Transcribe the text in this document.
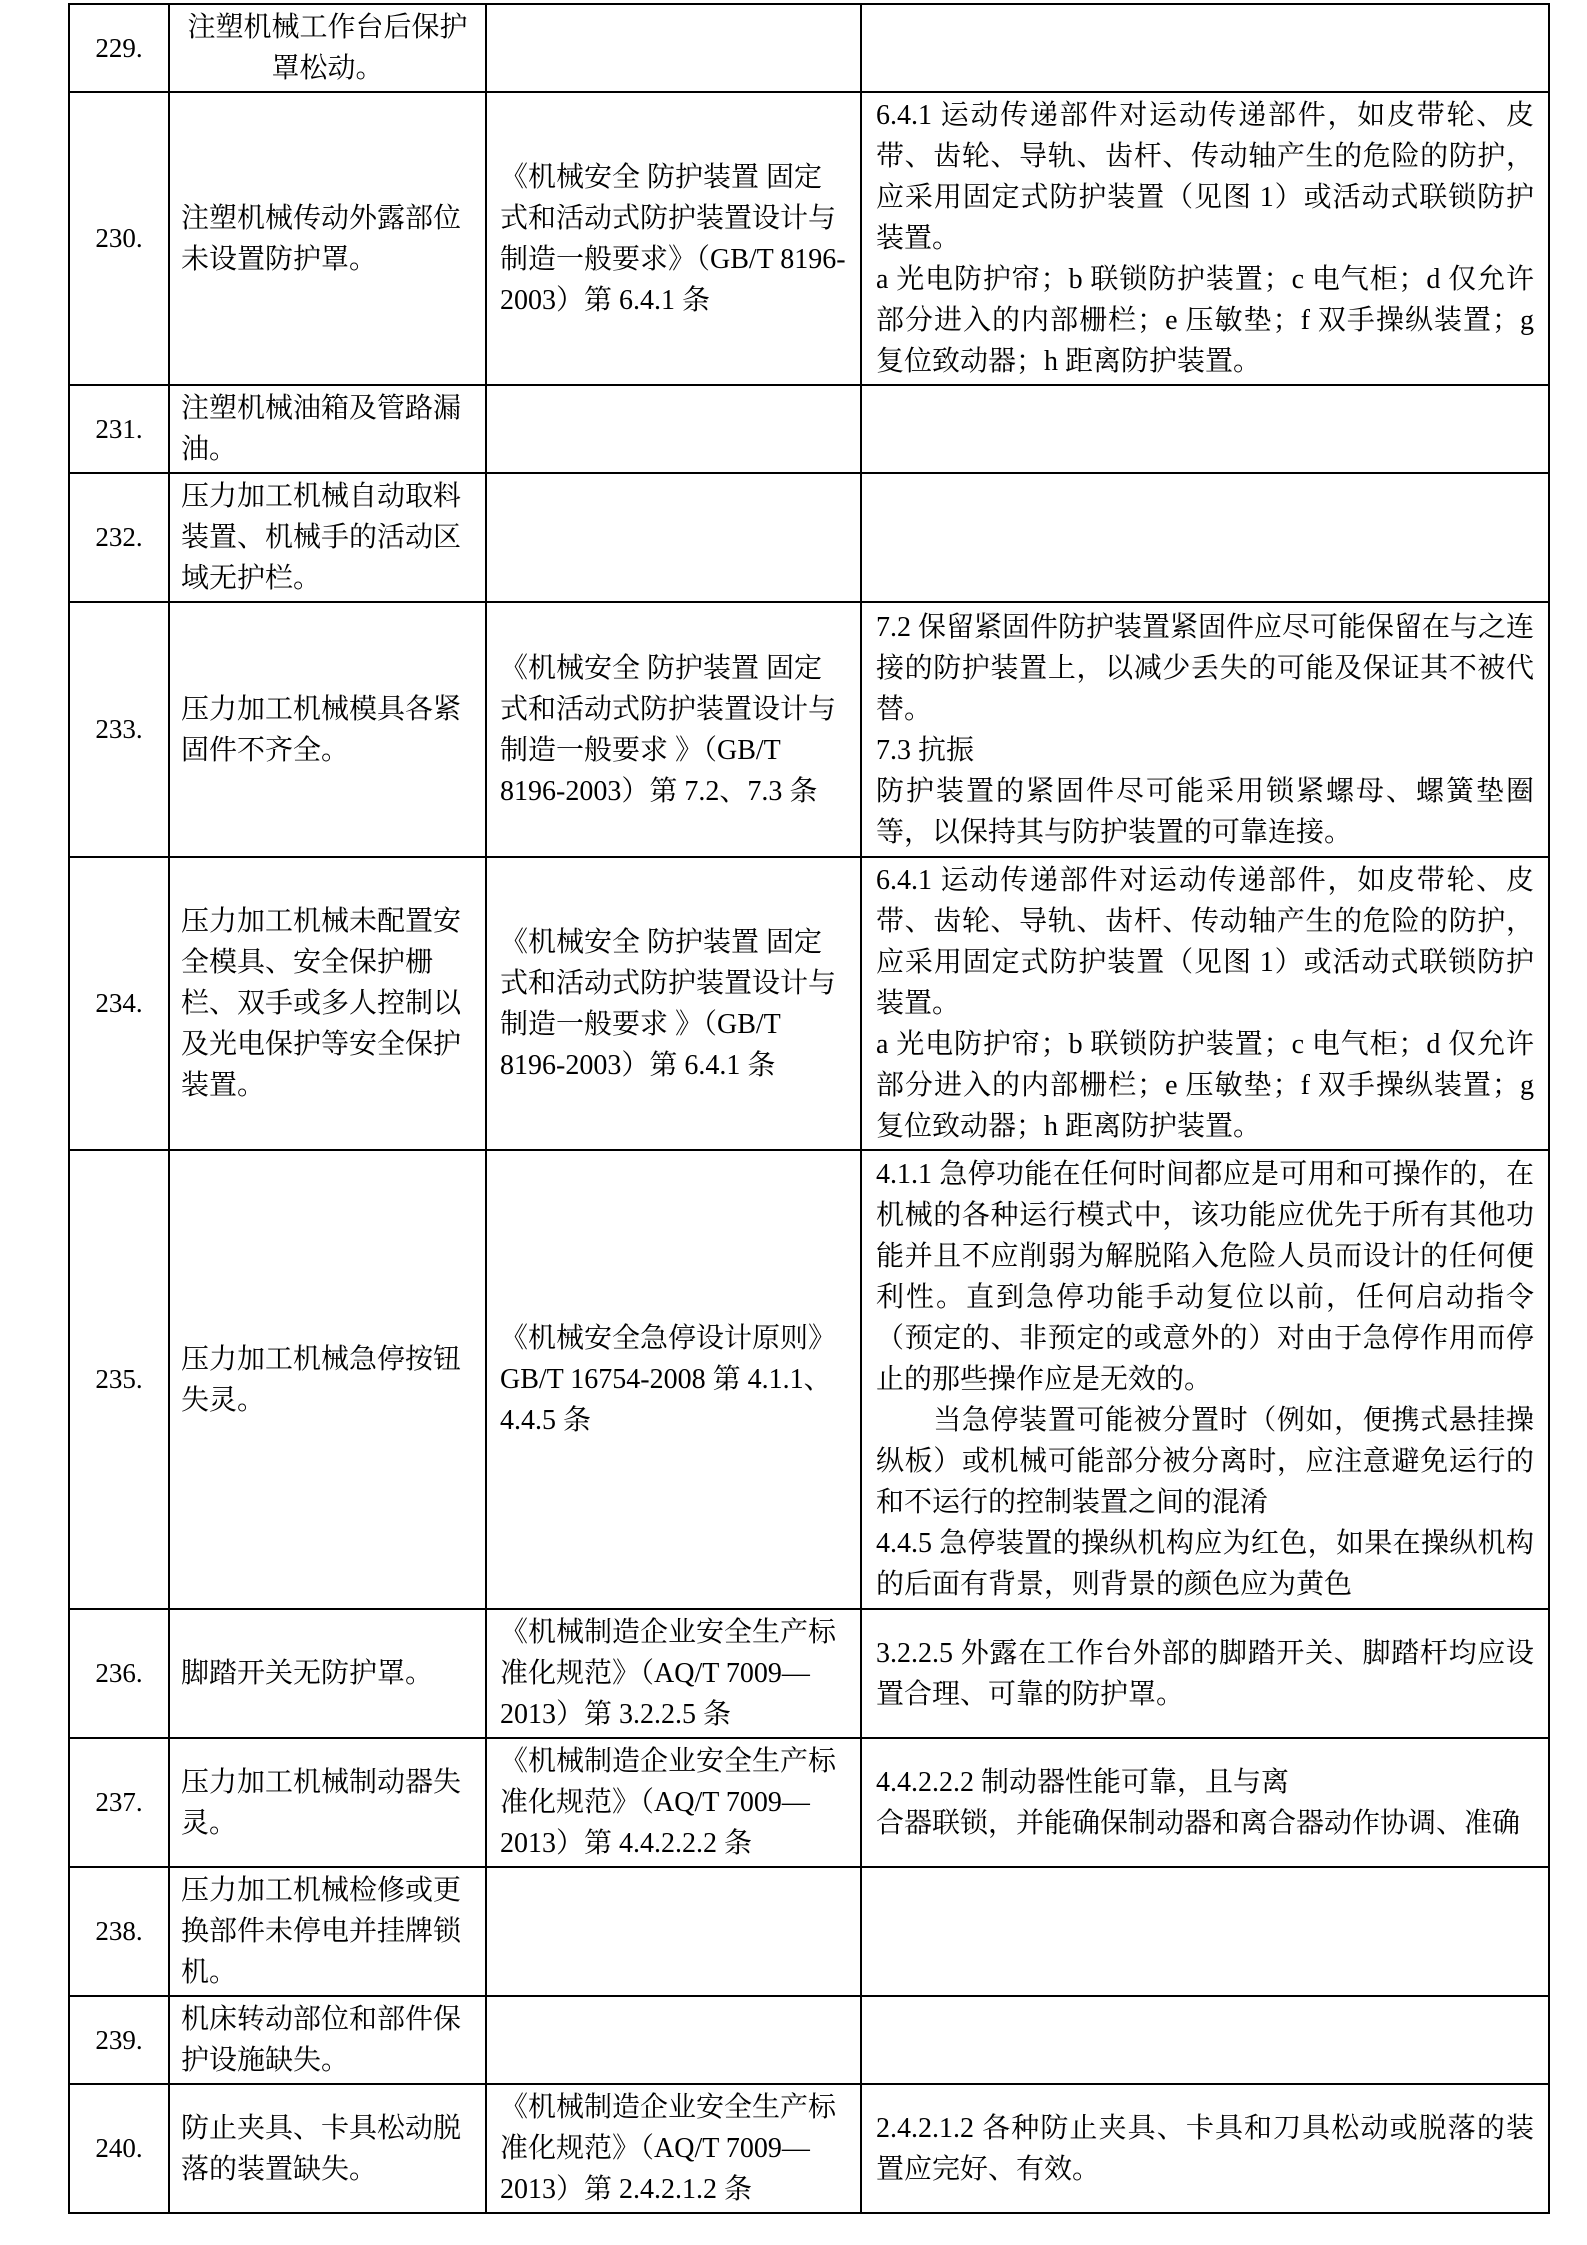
229.	注塑机械工作台后保护罩松动。		
230.	注塑机械传动外露部位未设置防护罩。	《机械安全 防护装置 固定式和活动式防护装置设计与制造一般要求》（GB/T 8196-2003）第 6.4.1 条	6.4.1 运动传递部件对运动传递部件，如皮带轮、皮带、齿轮、导轨、齿杆、传动轴产生的危险的防护，应采用固定式防护装置（见图 1）或活动式联锁防护装置。
a 光电防护帘；b 联锁防护装置；c 电气柜；d 仅允许部分进入的内部栅栏；e 压敏垫；f 双手操纵装置；g 复位致动器；h 距离防护装置。

231.	注塑机械油箱及管路漏油。		
232.	压力加工机械自动取料装置、机械手的活动区域无护栏。		
233.	压力加工机械模具各紧固件不齐全。	《机械安全 防护装置 固定式和活动式防护装置设计与制造一般要求 》（GB/T 8196-2003）第 7.2、7.3 条	7.2 保留紧固件防护装置紧固件应尽可能保留在与之连接的防护装置上，以减少丢失的可能及保证其不被代替。
7.3 抗振
防护装置的紧固件尽可能采用锁紧螺母、螺簧垫圈等，以保持其与防护装置的可靠连接。

234.	压力加工机械未配置安全模具、安全保护栅栏、双手或多人控制以及光电保护等安全保护装置。	《机械安全 防护装置 固定式和活动式防护装置设计与制造一般要求 》（GB/T 8196-2003）第 6.4.1 条	6.4.1 运动传递部件对运动传递部件，如皮带轮、皮带、齿轮、导轨、齿杆、传动轴产生的危险的防护，应采用固定式防护装置（见图 1）或活动式联锁防护装置。
a 光电防护帘；b 联锁防护装置；c 电气柜；d 仅允许部分进入的内部栅栏；e 压敏垫；f 双手操纵装置；g 复位致动器；h 距离防护装置。

235.	压力加工机械急停按钮失灵。	《机械安全急停设计原则》GB/T 16754-2008 第 4.1.1、4.4.5 条	4.1.1 急停功能在任何时间都应是可用和可操作的，在机械的各种运行模式中，该功能应优先于所有其他功能并且不应削弱为解脱陷入危险人员而设计的任何便利性。直到急停功能手动复位以前，任何启动指令（预定的、非预定的或意外的）对由于急停作用而停止的那些操作应是无效的。
　　当急停装置可能被分置时（例如，便携式悬挂操纵板）或机械可能部分被分离时，应注意避免运行的和不运行的控制装置之间的混淆
4.4.5 急停装置的操纵机构应为红色，如果在操纵机构的后面有背景，则背景的颜色应为黄色

236.	脚踏开关无防护罩。	《机械制造企业安全生产标准化规范》（AQ/T 7009—2013）第 3.2.2.5 条	3.2.2.5 外露在工作台外部的脚踏开关、脚踏杆均应设置合理、可靠的防护罩。

237.	压力加工机械制动器失灵。	《机械制造企业安全生产标准化规范》（AQ/T 7009—2013）第 4.4.2.2.2 条	4.4.2.2.2 制动器性能可靠，且与离
合器联锁，并能确保制动器和离合器动作协调、准确

238.	压力加工机械检修或更换部件未停电并挂牌锁机。		
239.	机床转动部位和部件保护设施缺失。		
240.	防止夹具、卡具松动脱落的装置缺失。	《机械制造企业安全生产标准化规范》（AQ/T 7009—2013）第 2.4.2.1.2 条	2.4.2.1.2 各种防止夹具、卡具和刀具松动或脱落的装置应完好、有效。
